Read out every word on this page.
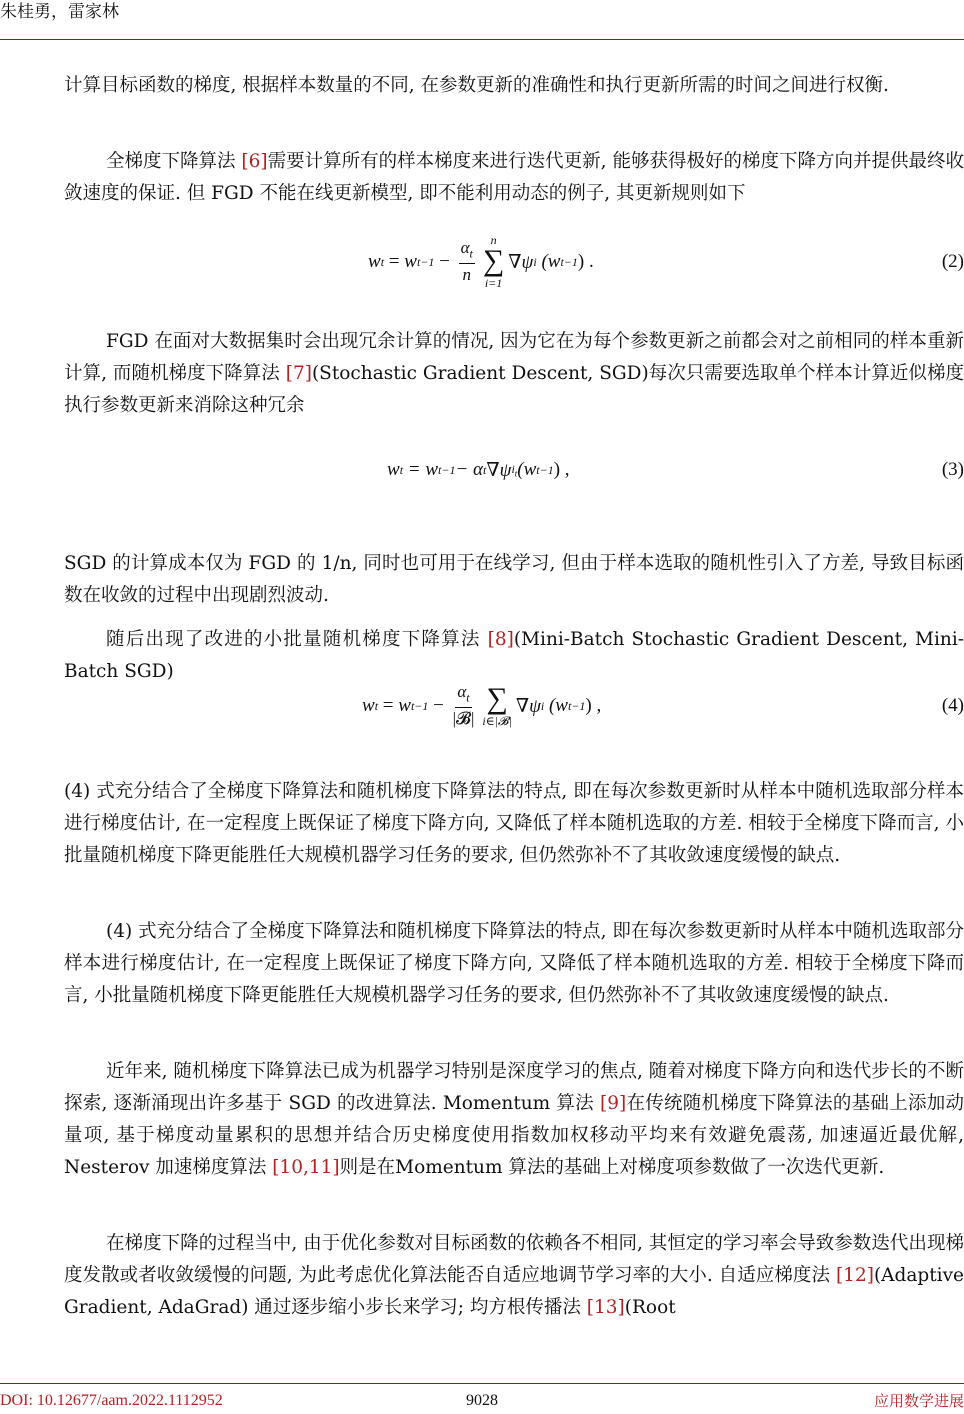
朱桂勇，雷家林

计算目标函数的梯度, 根据样本数量的不同, 在参数更新的准确性和执行更新所需的时间之间进行权衡.

全梯度下降算法 [6]需要计算所有的样本梯度来进行迭代更新, 能够获得极好的梯度下降方向并提供最终收敛速度的保证. 但 FGD 不能在线更新模型, 即不能利用动态的例子, 其更新规则如下

w t = w $t-1 - \frac{\alpha_t}{n}$ n
∑
i=1
∇ψ i
(w t−1 ) .	(2)

FGD 在面对大数据集时会出现冗余计算的情况, 因为它在为每个参数更新之前都会对之前相同的样本重新计算, 而随机梯度下降算法 [7](Stochastic Gradient Descent, SGD)每次只需要选取单个样本计算近似梯度执行参数更新来消除这种冗余

w t
= w t−1 − α t ∇ψ $i_t$ (w t−1 ) ,	(3)

SGD 的计算成本仅为 FGD 的 1/n, 同时也可用于在线学习, 但由于样本选取的随机性引入了方差, 导致目标函数在收敛的过程中出现剧烈波动.

随后出现了改进的小批量随机梯度下降算法 [8](Mini-Batch Stochastic Gradient Descent, Mini-Batch SGD)

w t = w $t-1 - \frac{\alpha_t}{\text{|𝓑|}}$ ∑
i∈|𝓑|
∇ψ i
(w t−1 ) ,	(4)

(4) 式充分结合了全梯度下降算法和随机梯度下降算法的特点, 即在每次参数更新时从样本中随机选取部分样本进行梯度估计, 在一定程度上既保证了梯度下降方向, 又降低了样本随机选取的方差. 相较于全梯度下降而言, 小批量随机梯度下降更能胜任大规模机器学习任务的要求, 但仍然弥补不了其收敛速度缓慢的缺点.

(4) 式充分结合了全梯度下降算法和随机梯度下降算法的特点, 即在每次参数更新时从样本中随机选取部分样本进行梯度估计, 在一定程度上既保证了梯度下降方向, 又降低了样本随机选取的方差. 相较于全梯度下降而言, 小批量随机梯度下降更能胜任大规模机器学习任务的要求, 但仍然弥补不了其收敛速度缓慢的缺点.

近年来, 随机梯度下降算法已成为机器学习特别是深度学习的焦点, 随着对梯度下降方向和迭代步长的不断探索, 逐渐涌现出许多基于 SGD 的改进算法. Momentum 算法 [9]在传统随机梯度下降算法的基础上添加动量项, 基于梯度动量累积的思想并结合历史梯度使用指数加权移动平均来有效避免震荡, 加速逼近最优解, Nesterov 加速梯度算法 [10,11]则是在Momentum 算法的基础上对梯度项参数做了一次迭代更新.

在梯度下降的过程当中, 由于优化参数对目标函数的依赖各不相同, 其恒定的学习率会导致参数迭代出现梯度发散或者收敛缓慢的问题, 为此考虑优化算法能否自适应地调节学习率的大小. 自适应梯度法 [12](Adaptive Gradient, AdaGrad) 通过逐步缩小步长来学习; 均方根传播法 [13](Root

DOI: 10.12677/aam.2022.1112952	9028	应用数学进展
